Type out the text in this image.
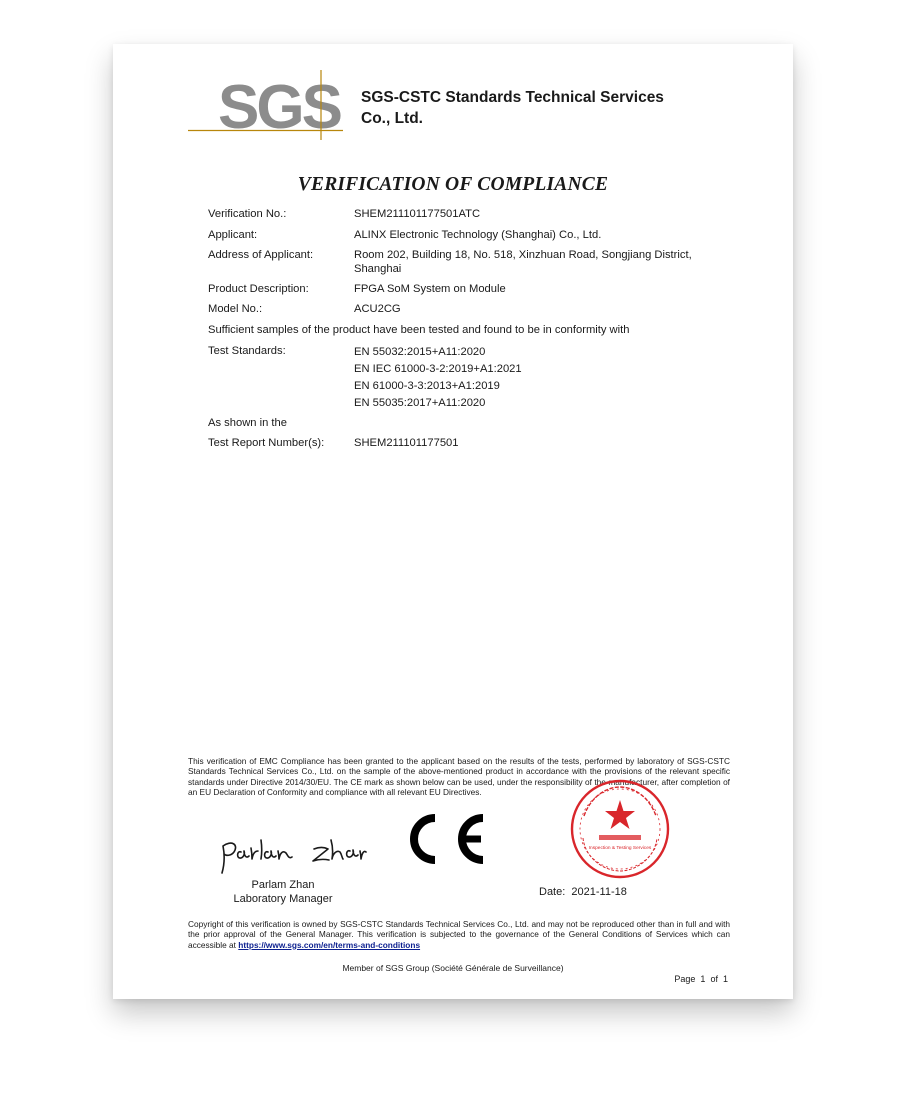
SGS SGS-CSTC Standards Technical Services
Co., Ltd.
VERIFICATION OF COMPLIANCE
Verification No.:	SHEM211101177501ATC
Applicant:	ALINX Electronic Technology (Shanghai) Co., Ltd.
Address of Applicant:	Room 202, Building 18, No. 518, Xinzhuan Road, Songjiang District,
Shanghai
Product Description:	FPGA SoM System on Module
Model No.:	ACU2CG
Sufficient samples of the product have been tested and found to be in conformity with
Test Standards:	EN 55032:2015+A11:2020
EN IEC 61000-3-2:2019+A1:2021
EN 61000-3-3:2013+A1:2019
EN 55035:2017+A11:2020
As shown in the
Test Report Number(s):	SHEM211101177501
This verification of EMC Compliance has been granted to the applicant based on the results of the tests, performed by laboratory of SGS-CSTC Standards Technical Services Co., Ltd. on the sample of the above-mentioned product in accordance with the provisions of the relevant specific standards under Directive 2014/30/EU. The CE mark as shown below can be used, under the responsibility of the manufacturer, after completion of an EU Declaration of Conformity and compliance with all relevant EU Directives.
Parlam Zhan
Laboratory Manager
Inspection & Testing Services
Date: 2021-11-18
Copyright of this verification is owned by SGS-CSTC Standards Technical Services Co., Ltd. and may not be reproduced other than in full and with the prior approval of the General Manager. This verification is subjected to the governance of the General Conditions of Services which can accessible at https://www.sgs.com/en/terms-and-conditions
Member of SGS Group (Société Générale de Surveillance)
Page 1 of 1
